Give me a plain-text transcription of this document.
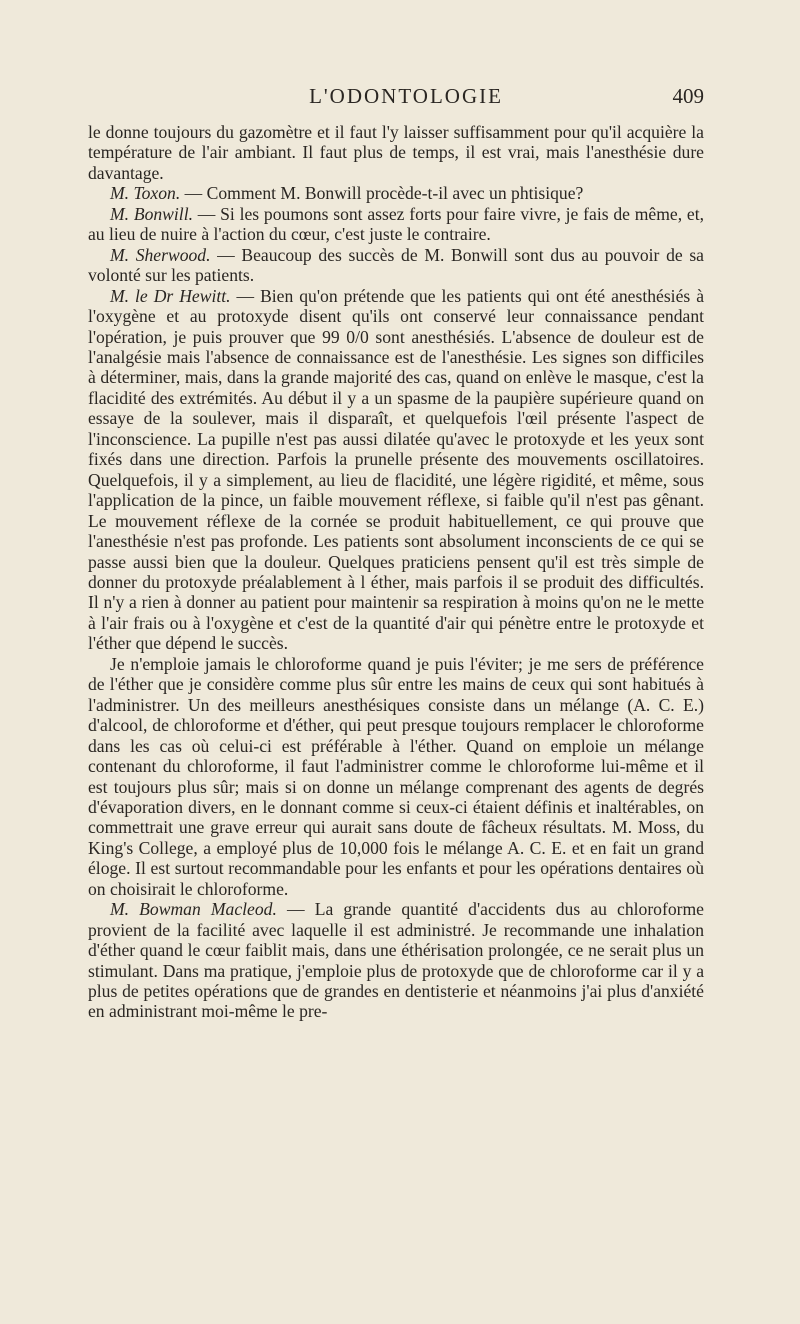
L'ODONTOLOGIE	409

le donne toujours du gazomètre et il faut l'y laisser suffisamment pour qu'il acquière la température de l'air ambiant. Il faut plus de temps, il est vrai, mais l'anesthésie dure davantage.

M. Toxon. — Comment M. Bonwill procède-t-il avec un phtisique?

M. Bonwill. — Si les poumons sont assez forts pour faire vivre, je fais de même, et, au lieu de nuire à l'action du cœur, c'est juste le contraire.

M. Sherwood. — Beaucoup des succès de M. Bonwill sont dus au pouvoir de sa volonté sur les patients.

M. le Dr Hewitt. — Bien qu'on prétende que les patients qui ont été anesthésiés à l'oxygène et au protoxyde disent qu'ils ont conservé leur connaissance pendant l'opération, je puis prouver que 99 0/0 sont anesthésiés. L'absence de douleur est de l'analgésie mais l'absence de connaissance est de l'anesthésie. Les signes son difficiles à déterminer, mais, dans la grande majorité des cas, quand on enlève le masque, c'est la flacidité des extrémités. Au début il y a un spasme de la paupière supérieure quand on essaye de la soulever, mais il disparaît, et quelquefois l'œil présente l'aspect de l'inconscience. La pupille n'est pas aussi dilatée qu'avec le protoxyde et les yeux sont fixés dans une direction. Parfois la prunelle présente des mouvements oscillatoires. Quelquefois, il y a simplement, au lieu de flacidité, une légère rigidité, et même, sous l'application de la pince, un faible mouvement réflexe, si faible qu'il n'est pas gênant. Le mouvement réflexe de la cornée se produit habituellement, ce qui prouve que l'anesthésie n'est pas profonde. Les patients sont absolument inconscients de ce qui se passe aussi bien que la douleur. Quelques praticiens pensent qu'il est très simple de donner du protoxyde préalablement à l éther, mais parfois il se produit des difficultés. Il n'y a rien à donner au patient pour maintenir sa respiration à moins qu'on ne le mette à l'air frais ou à l'oxygène et c'est de la quantité d'air qui pénètre entre le protoxyde et l'éther que dépend le succès.

Je n'emploie jamais le chloroforme quand je puis l'éviter; je me sers de préférence de l'éther que je considère comme plus sûr entre les mains de ceux qui sont habitués à l'administrer. Un des meilleurs anesthésiques consiste dans un mélange (A. C. E.) d'alcool, de chloroforme et d'éther, qui peut presque toujours remplacer le chloroforme dans les cas où celui-ci est préférable à l'éther. Quand on emploie un mélange contenant du chloroforme, il faut l'administrer comme le chloroforme lui-même et il est toujours plus sûr; mais si on donne un mélange comprenant des agents de degrés d'évaporation divers, en le donnant comme si ceux-ci étaient définis et inaltérables, on commettrait une grave erreur qui aurait sans doute de fâcheux résultats. M. Moss, du King's College, a employé plus de 10,000 fois le mélange A. C. E. et en fait un grand éloge. Il est surtout recommandable pour les enfants et pour les opérations dentaires où on choisirait le chloroforme.

M. Bowman Macleod. — La grande quantité d'accidents dus au chloroforme provient de la facilité avec laquelle il est administré. Je recommande une inhalation d'éther quand le cœur faiblit mais, dans une éthérisation prolongée, ce ne serait plus un stimulant. Dans ma pratique, j'emploie plus de protoxyde que de chloroforme car il y a plus de petites opérations que de grandes en dentisterie et néanmoins j'ai plus d'anxiété en administrant moi-même le pre-
